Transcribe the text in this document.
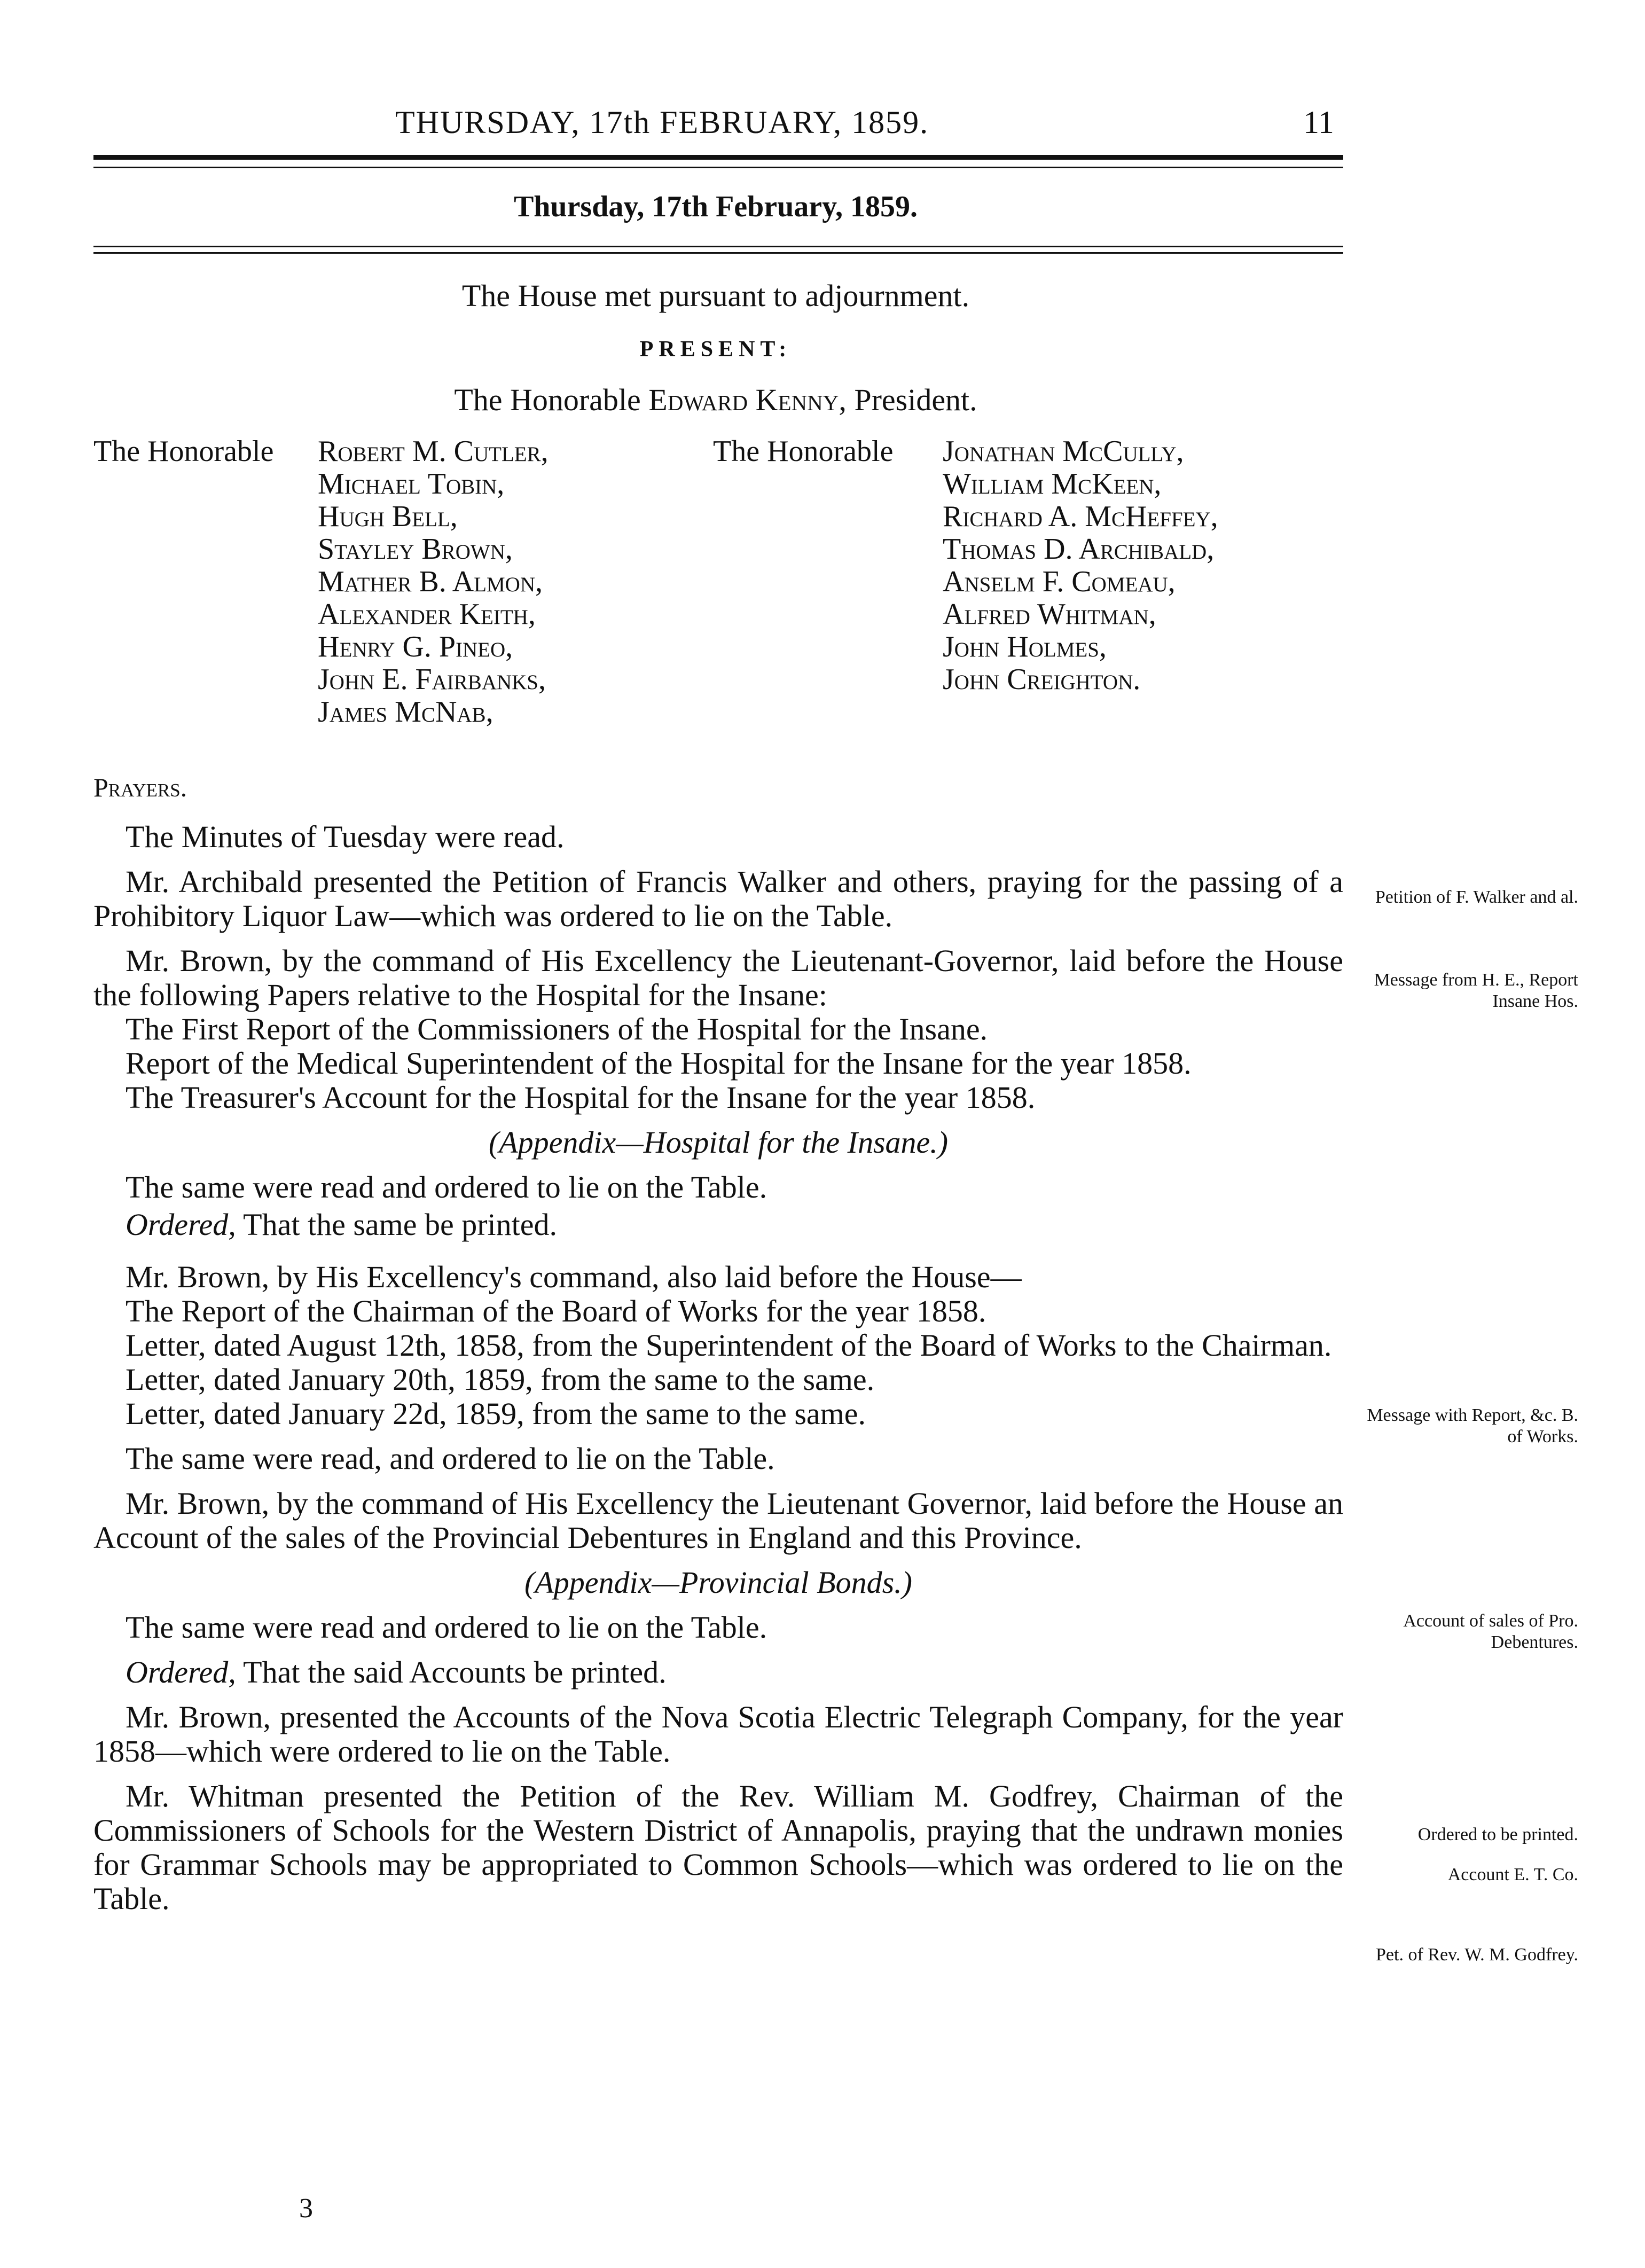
THURSDAY, 17th FEBRUARY, 1859.	11
Thursday, 17th February, 1859.
The House met pursuant to adjournment.
PRESENT:
The Honorable Edward Kenny, President.
The Honorable Robert M. Cutler,
Michael Tobin,
Hugh Bell,
Stayley Brown,
Mather B. Almon,
Alexander Keith,
Henry G. Pineo,
John E. Fairbanks,
James McNab,
The Honorable Jonathan McCully,
William McKeen,
Richard A. McHeffey,
Thomas D. Archibald,
Anselm F. Comeau,
Alfred Whitman,
John Holmes,
John Creighton.
Prayers.

The Minutes of Tuesday were read.

Mr. Archibald presented the Petition of Francis Walker and others, praying for the passing of a Prohibitory Liquor Law—which was ordered to lie on the Table.

Mr. Brown, by the command of His Excellency the Lieutenant-Governor, laid before the House the following Papers relative to the Hospital for the Insane:

The First Report of the Commissioners of the Hospital for the Insane.

Report of the Medical Superintendent of the Hospital for the Insane for the year 1858.

The Treasurer's Account for the Hospital for the Insane for the year 1858.

(Appendix—Hospital for the Insane.)

The same were read and ordered to lie on the Table.

Ordered, That the same be printed.

Mr. Brown, by His Excellency's command, also laid before the House—

The Report of the Chairman of the Board of Works for the year 1858.

Letter, dated August 12th, 1858, from the Superintendent of the Board of Works to the Chairman.

Letter, dated January 20th, 1859, from the same to the same.

Letter, dated January 22d, 1859, from the same to the same.

The same were read, and ordered to lie on the Table.

Mr. Brown, by the command of His Excellency the Lieutenant Governor, laid before the House an Account of the sales of the Provincial Debentures in England and this Province.

(Appendix—Provincial Bonds.)

The same were read and ordered to lie on the Table.

Ordered, That the said Accounts be printed.

Mr. Brown, presented the Accounts of the Nova Scotia Electric Telegraph Company, for the year 1858—which were ordered to lie on the Table.

Mr. Whitman presented the Petition of the Rev. William M. Godfrey, Chairman of the Commissioners of Schools for the Western District of Annapolis, praying that the undrawn monies for Grammar Schools may be appropriated to Common Schools—which was ordered to lie on the Table.

Petition of F. Walker and al.
Message from H. E., Report Insane Hos.
Message with Report, &c. B. of Works.
Account of sales of Pro. Debentures.
Ordered to be printed.
Account E. T. Co.
Pet. of Rev. W. M. Godfrey.
3
